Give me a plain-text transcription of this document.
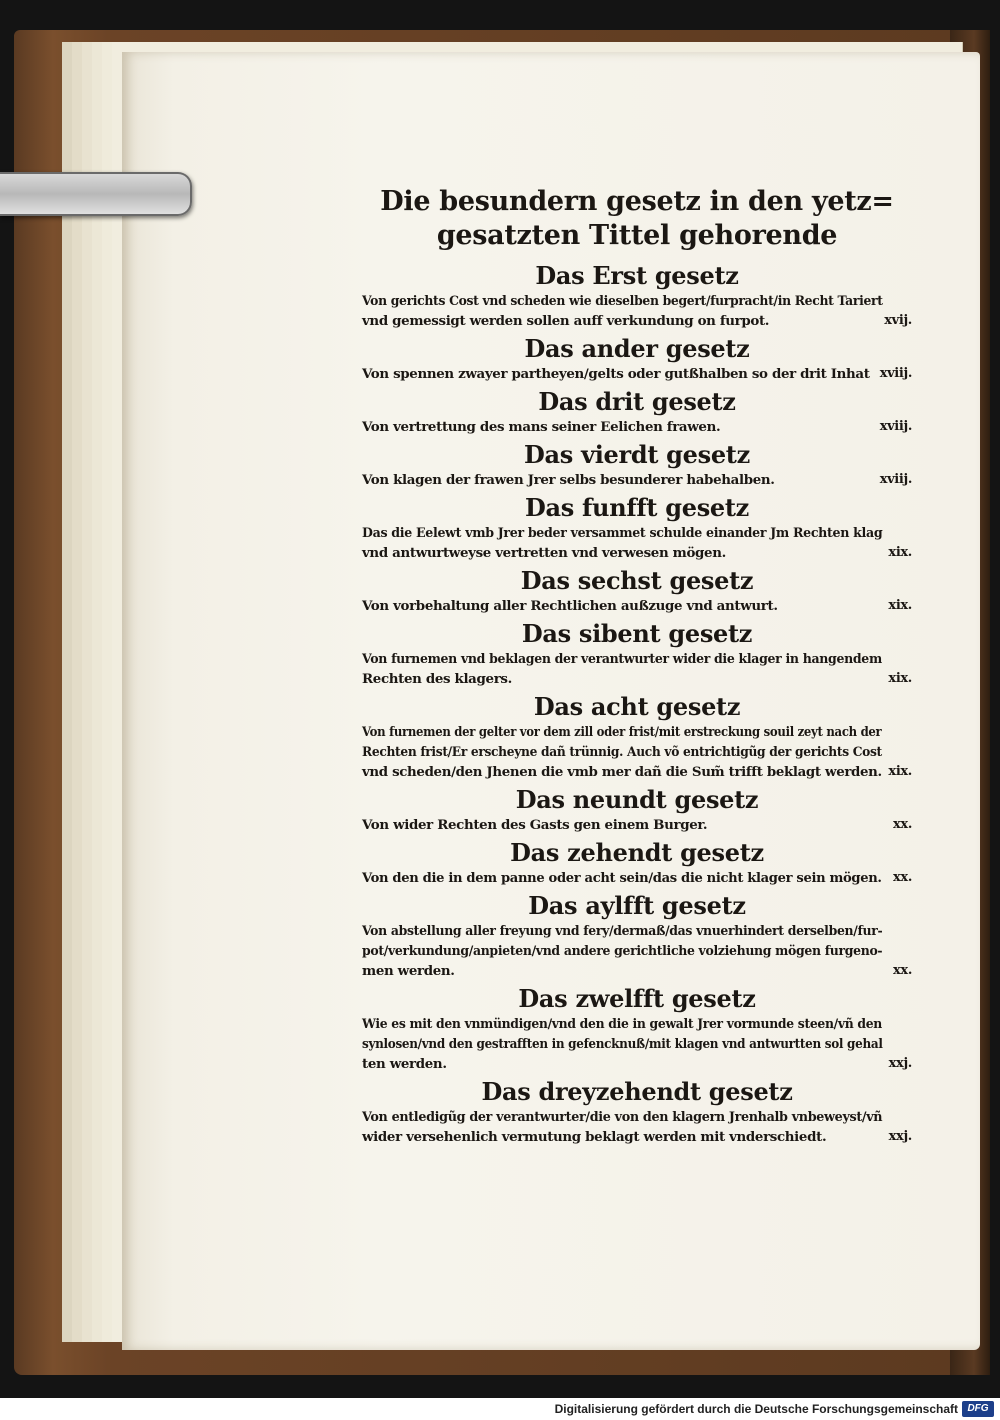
Die besundern gesetz in den yetz=
gesatzten Tittel gehorende
Das Erst gesetz
Von gerichts Cost vnd scheden wie dieselben begert/furpracht/in Recht Tariert
vnd gemessigt werden sollen auff verkundung on furpot.	xvij.
Das ander gesetz
Von spennen zwayer partheyen/gelts oder gutßhalben so der drit Inhat xviij.
Das drit gesetz
Von vertrettung des mans seiner Eelichen frawen.	xviij.
Das vierdt gesetz
Von klagen der frawen Jrer selbs besunderer habehalben.	xviij.
Das funfft gesetz
Das die Eelewt vmb Jrer beder versammet schulde einander Jm Rechten klag
vnd antwurtweyse vertretten vnd verwesen mögen.	xix.
Das sechst gesetz
Von vorbehaltung aller Rechtlichen außzuge vnd antwurt.	xix.
Das sibent gesetz
Von furnemen vnd beklagen der verantwurter wider die klager in hangendem
Rechten des klagers.	xix.
Das acht gesetz
Von furnemen der gelter vor dem zill oder frist/mit erstreckung souil zeyt nach der
Rechten frist/Er erscheyne dañ trünnig. Auch võ entrichtigũg der gerichts Cost
vnd scheden/den Jhenen die vmb mer dañ die Sum̃ trifft beklagt werden. xix.
Das neundt gesetz
Von wider Rechten des Gasts gen einem Burger.	xx.
Das zehendt gesetz
Von den die in dem panne oder acht sein/das die nicht klager sein mögen. xx.
Das aylfft gesetz
Von abstellung aller freyung vnd fery/dermaß/das vnuerhindert derselben/fur-
pot/verkundung/anpieten/vnd andere gerichtliche volziehung mögen furgeno-
men werden.	xx.
Das zwelfft gesetz
Wie es mit den vnmündigen/vnd den die in gewalt Jrer vormunde steen/vñ den
synlosen/vnd den gestrafften in gefencknuß/mit klagen vnd antwurtten sol gehal
ten werden.	xxj.
Das dreyzehendt gesetz
Von entledigũg der verantwurter/die von den klagern Jrenhalb vnbeweyst/vñ
wider versehenlich vermutung beklagt werden mit vnderschiedt.	xxj.
Digitalisierung gefördert durch die Deutsche Forschungsgemeinschaft DFG
